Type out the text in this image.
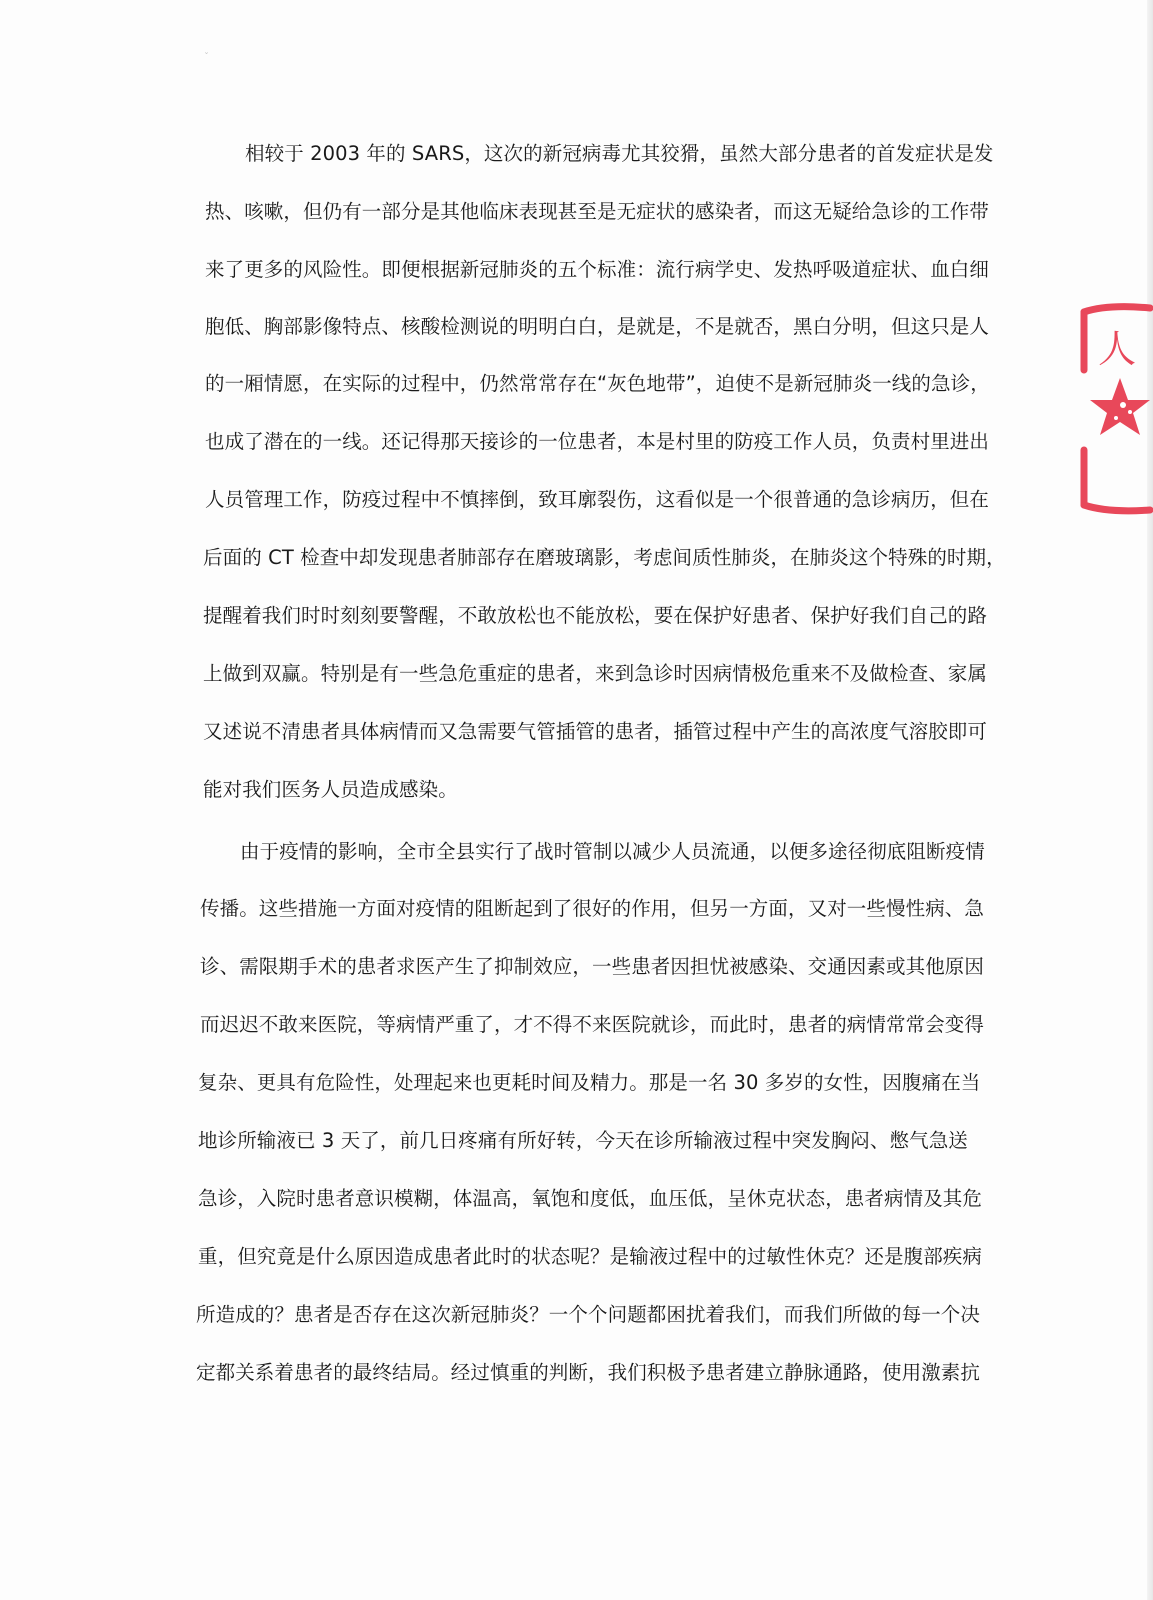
ˇ
相较于 2003 年的 SARS，这次的新冠病毒尤其狡猾，虽然大部分患者的首发症状是发
热、咳嗽，但仍有一部分是其他临床表现甚至是无症状的感染者，而这无疑给急诊的工作带
来了更多的风险性。即便根据新冠肺炎的五个标准：流行病学史、发热呼吸道症状、血白细
胞低、胸部影像特点、核酸检测说的明明白白，是就是，不是就否，黑白分明，但这只是人
的一厢情愿，在实际的过程中，仍然常常存在“灰色地带”，迫使不是新冠肺炎一线的急诊，
也成了潜在的一线。还记得那天接诊的一位患者，本是村里的防疫工作人员，负责村里进出
人员管理工作，防疫过程中不慎摔倒，致耳廓裂伤，这看似是一个很普通的急诊病历，但在
后面的 CT 检查中却发现患者肺部存在磨玻璃影，考虑间质性肺炎，在肺炎这个特殊的时期，
提醒着我们时时刻刻要警醒，不敢放松也不能放松，要在保护好患者、保护好我们自己的路
上做到双赢。特别是有一些急危重症的患者，来到急诊时因病情极危重来不及做检查、家属
又述说不清患者具体病情而又急需要气管插管的患者，插管过程中产生的高浓度气溶胶即可
能对我们医务人员造成感染。
由于疫情的影响，全市全县实行了战时管制以减少人员流通，以便多途径彻底阻断疫情
传播。这些措施一方面对疫情的阻断起到了很好的作用，但另一方面，又对一些慢性病、急
诊、需限期手术的患者求医产生了抑制效应，一些患者因担忧被感染、交通因素或其他原因
而迟迟不敢来医院，等病情严重了，才不得不来医院就诊，而此时，患者的病情常常会变得
复杂、更具有危险性，处理起来也更耗时间及精力。那是一名 30 多岁的女性，因腹痛在当
地诊所输液已 3 天了，前几日疼痛有所好转，今天在诊所输液过程中突发胸闷、憋气急送
急诊，入院时患者意识模糊，体温高，氧饱和度低，血压低，呈休克状态，患者病情及其危
重，但究竟是什么原因造成患者此时的状态呢？是输液过程中的过敏性休克？还是腹部疾病
所造成的？患者是否存在这次新冠肺炎？一个个问题都困扰着我们，而我们所做的每一个决
定都关系着患者的最终结局。经过慎重的判断，我们积极予患者建立静脉通路，使用激素抗
人
